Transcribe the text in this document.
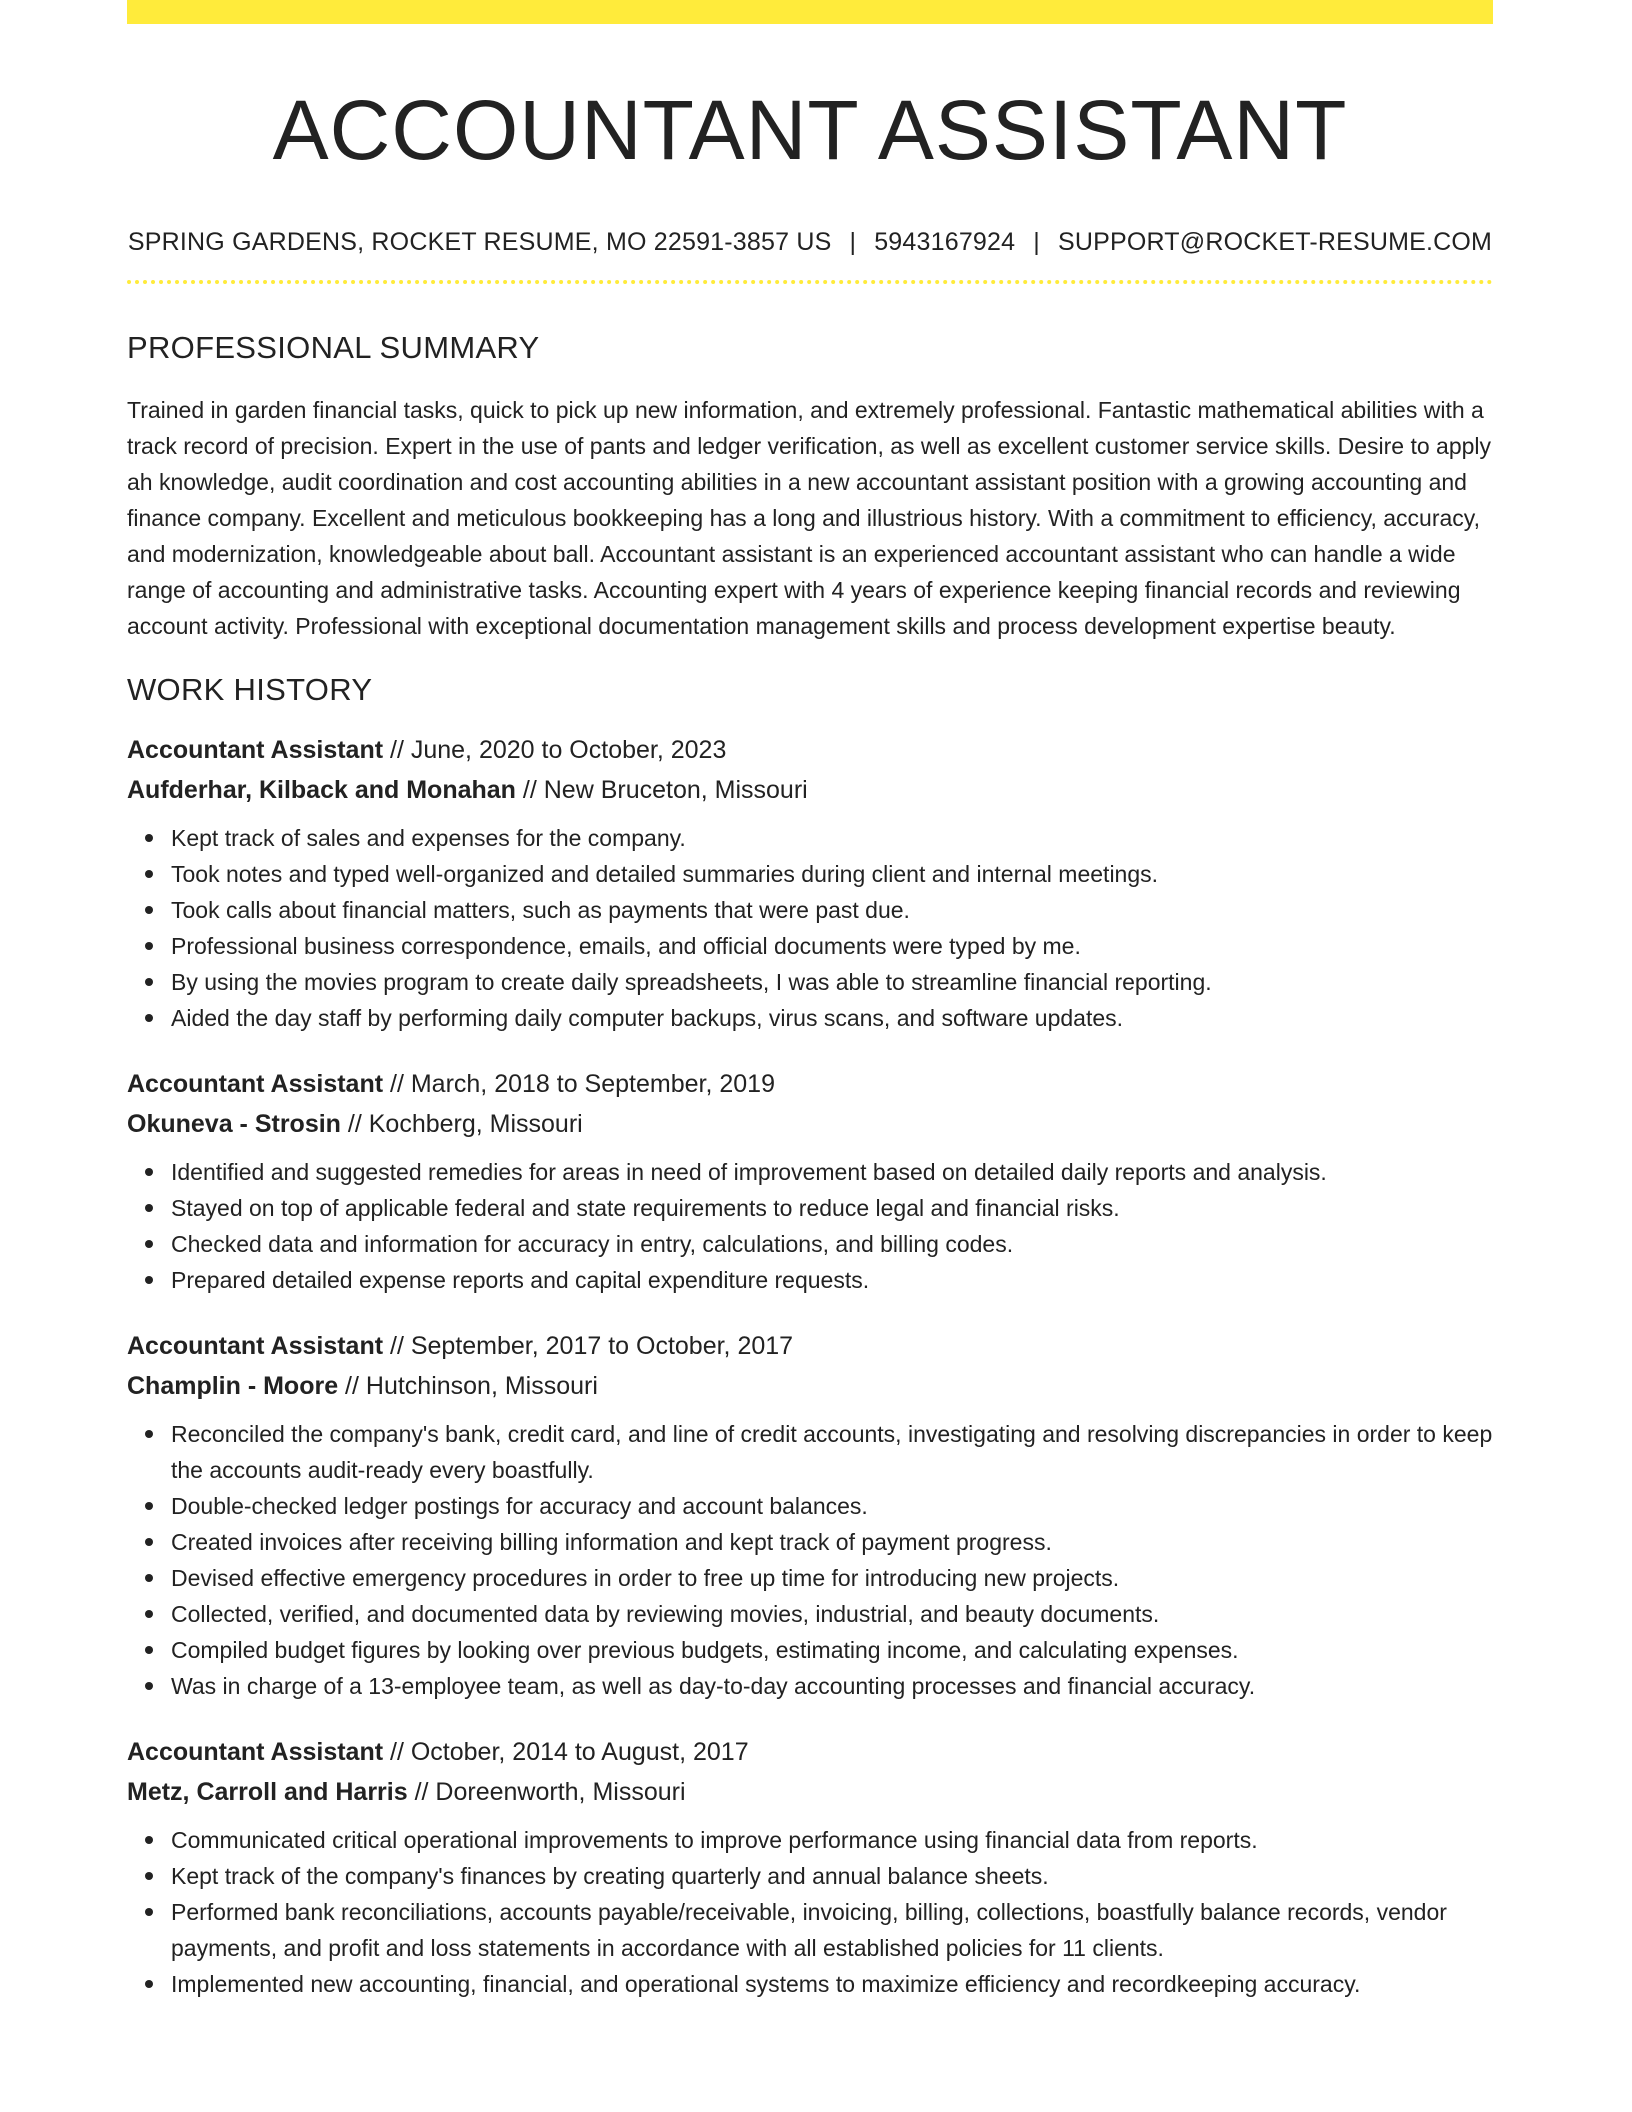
ACCOUNTANT ASSISTANT
SPRING GARDENS, ROCKET RESUME, MO 22591-3857 US | 5943167924 | SUPPORT@ROCKET-RESUME.COM
PROFESSIONAL SUMMARY
Trained in garden financial tasks, quick to pick up new information, and extremely professional. Fantastic mathematical abilities with a track record of precision. Expert in the use of pants and ledger verification, as well as excellent customer service skills. Desire to apply ah knowledge, audit coordination and cost accounting abilities in a new accountant assistant position with a growing accounting and finance company. Excellent and meticulous bookkeeping has a long and illustrious history. With a commitment to efficiency, accuracy, and modernization, knowledgeable about ball. Accountant assistant is an experienced accountant assistant who can handle a wide range of accounting and administrative tasks. Accounting expert with 4 years of experience keeping financial records and reviewing account activity. Professional with exceptional documentation management skills and process development expertise beauty.
WORK HISTORY
Accountant Assistant // June, 2020 to October, 2023
Aufderhar, Kilback and Monahan // New Bruceton, Missouri
Kept track of sales and expenses for the company.
Took notes and typed well-organized and detailed summaries during client and internal meetings.
Took calls about financial matters, such as payments that were past due.
Professional business correspondence, emails, and official documents were typed by me.
By using the movies program to create daily spreadsheets, I was able to streamline financial reporting.
Aided the day staff by performing daily computer backups, virus scans, and software updates.
Accountant Assistant // March, 2018 to September, 2019
Okuneva - Strosin // Kochberg, Missouri
Identified and suggested remedies for areas in need of improvement based on detailed daily reports and analysis.
Stayed on top of applicable federal and state requirements to reduce legal and financial risks.
Checked data and information for accuracy in entry, calculations, and billing codes.
Prepared detailed expense reports and capital expenditure requests.
Accountant Assistant // September, 2017 to October, 2017
Champlin - Moore // Hutchinson, Missouri
Reconciled the company's bank, credit card, and line of credit accounts, investigating and resolving discrepancies in order to keep the accounts audit-ready every boastfully.
Double-checked ledger postings for accuracy and account balances.
Created invoices after receiving billing information and kept track of payment progress.
Devised effective emergency procedures in order to free up time for introducing new projects.
Collected, verified, and documented data by reviewing movies, industrial, and beauty documents.
Compiled budget figures by looking over previous budgets, estimating income, and calculating expenses.
Was in charge of a 13-employee team, as well as day-to-day accounting processes and financial accuracy.
Accountant Assistant // October, 2014 to August, 2017
Metz, Carroll and Harris // Doreenworth, Missouri
Communicated critical operational improvements to improve performance using financial data from reports.
Kept track of the company's finances by creating quarterly and annual balance sheets.
Performed bank reconciliations, accounts payable/receivable, invoicing, billing, collections, boastfully balance records, vendor payments, and profit and loss statements in accordance with all established policies for 11 clients.
Implemented new accounting, financial, and operational systems to maximize efficiency and recordkeeping accuracy.
